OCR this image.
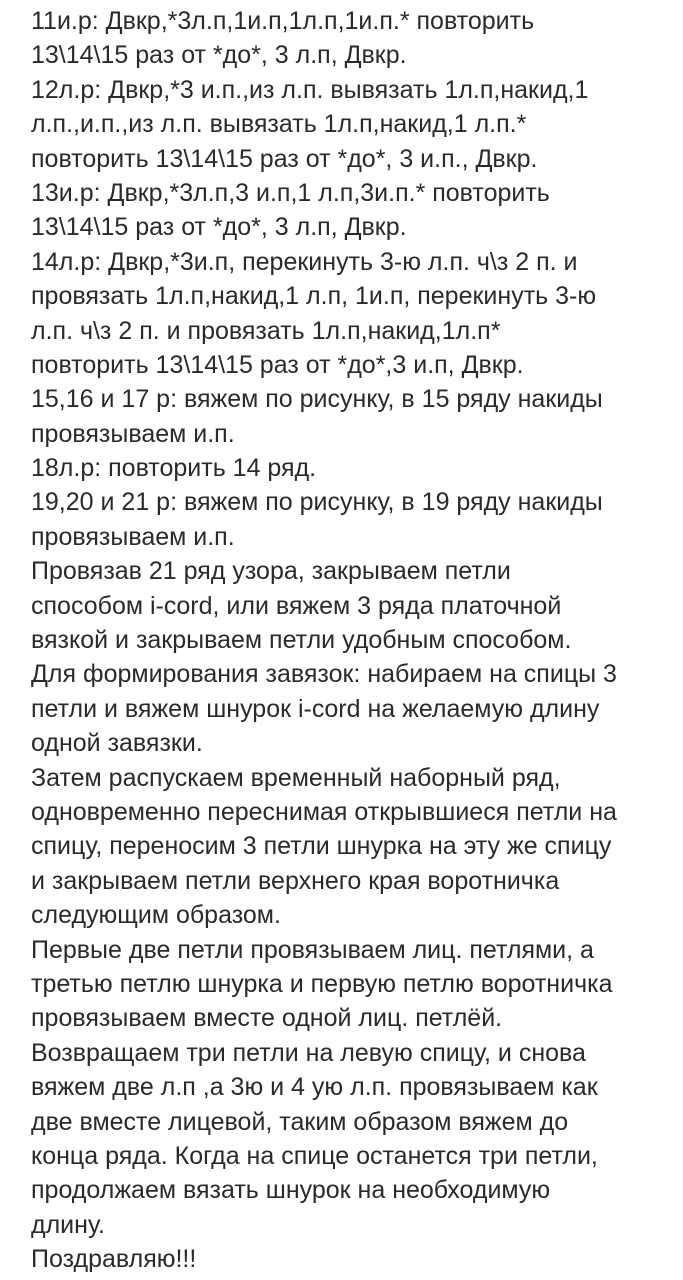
11и.р: Двкр,*3л.п,1и.п,1л.п,1и.п.* повторить
13\14\15 раз от *до*, 3 л.п, Двкр.
12л.р: Двкр,*3 и.п.,из л.п. вывязать 1л.п,накид,1
л.п.,и.п.,из л.п. вывязать 1л.п,накид,1 л.п.*
повторить 13\14\15 раз от *до*, 3 и.п., Двкр.
13и.р: Двкр,*3л.п,3 и.п,1 л.п,3и.п.* повторить
13\14\15 раз от *до*, 3 л.п, Двкр.
14л.р: Двкр,*3и.п, перекинуть 3-ю л.п. ч\з 2 п. и
провязать 1л.п,накид,1 л.п, 1и.п, перекинуть 3-ю
л.п. ч\з 2 п. и провязать 1л.п,накид,1л.п*
повторить 13\14\15 раз от *до*,3 и.п, Двкр.
15,16 и 17 р: вяжем по рисунку, в 15 ряду накиды
провязываем и.п.
18л.р: повторить 14 ряд.
19,20 и 21 р: вяжем по рисунку, в 19 ряду накиды
провязываем и.п.
Провязав 21 ряд узора, закрываем петли
способом i-cord, или вяжем 3 ряда платочной
вязкой и закрываем петли удобным способом.
Для формирования завязок: набираем на спицы 3
петли и вяжем шнурок i-cord на желаемую длину
одной завязки.
Затем распускаем временный наборный ряд,
одновременно переснимая открывшиеся петли на
спицу, переносим 3 петли шнурка на эту же спицу
и закрываем петли верхнего края воротничка
следующим образом.
Первые две петли провязываем лиц. петлями, а
третью петлю шнурка и первую петлю воротничка
провязываем вместе одной лиц. петлёй.
Возвращаем три петли на левую спицу, и снова
вяжем две л.п ,а 3ю и 4 ую л.п. провязываем как
две вместе лицевой, таким образом вяжем до
конца ряда. Когда на спице останется три петли,
продолжаем вязать шнурок на необходимую
длину.
Поздравляю!!!
